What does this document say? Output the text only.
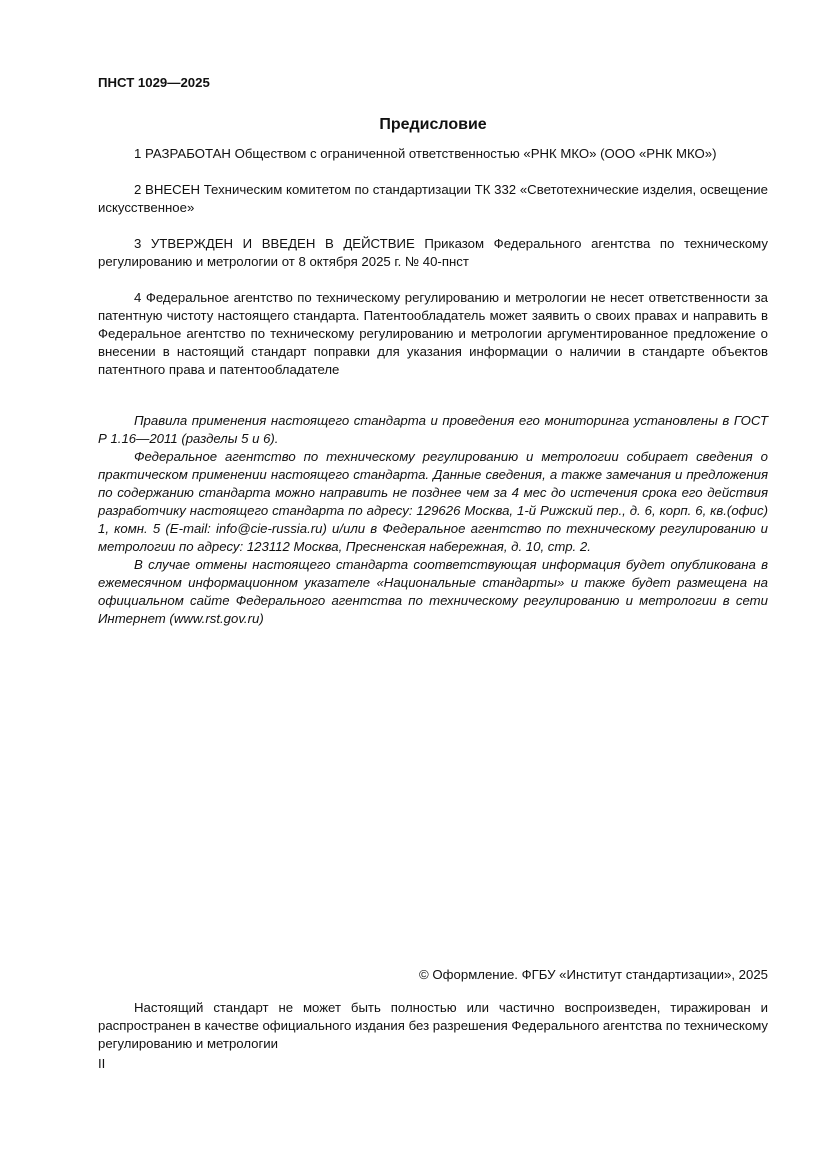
ПНСТ 1029—2025
Предисловие

1 РАЗРАБОТАН Обществом с ограниченной ответственностью «РНК МКО» (ООО «РНК МКО»)

2 ВНЕСЕН Техническим комитетом по стандартизации ТК 332 «Светотехнические изделия, освещение искусственное»

3 УТВЕРЖДЕН И ВВЕДЕН В ДЕЙСТВИЕ Приказом Федерального агентства по техническому регулированию и метрологии от 8 октября 2025 г. № 40-пнст

4 Федеральное агентство по техническому регулированию и метрологии не несет ответственности за патентную чистоту настоящего стандарта. Патентообладатель может заявить о своих правах и направить в Федеральное агентство по техническому регулированию и метрологии аргументированное предложение о внесении в настоящий стандарт поправки для указания информации о наличии в стандарте объектов патентного права и патентообладателе

Правила применения настоящего стандарта и проведения его мониторинга установлены в ГОСТ Р 1.16—2011 (разделы 5 и 6).

Федеральное агентство по техническому регулированию и метрологии собирает сведения о практическом применении настоящего стандарта. Данные сведения, а также замечания и предложения по содержанию стандарта можно направить не позднее чем за 4 мес до истечения срока его действия разработчику настоящего стандарта по адресу: 129626 Москва, 1-й Рижский пер., д. 6, корп. 6, кв.(офис) 1, комн. 5 (E-mail: info@cie-russia.ru) и/или в Федеральное агентство по техническому регулированию и метрологии по адресу: 123112 Москва, Пресненская набережная, д. 10, стр. 2.

В случае отмены настоящего стандарта соответствующая информация будет опубликована в ежемесячном информационном указателе «Национальные стандарты» и также будет размещена на официальном сайте Федерального агентства по техническому регулированию и метрологии в сети Интернет (www.rst.gov.ru)

© Оформление. ФГБУ «Институт стандартизации», 2025

Настоящий стандарт не может быть полностью или частично воспроизведен, тиражирован и распространен в качестве официального издания без разрешения Федерального агентства по техническому регулированию и метрологии

II
